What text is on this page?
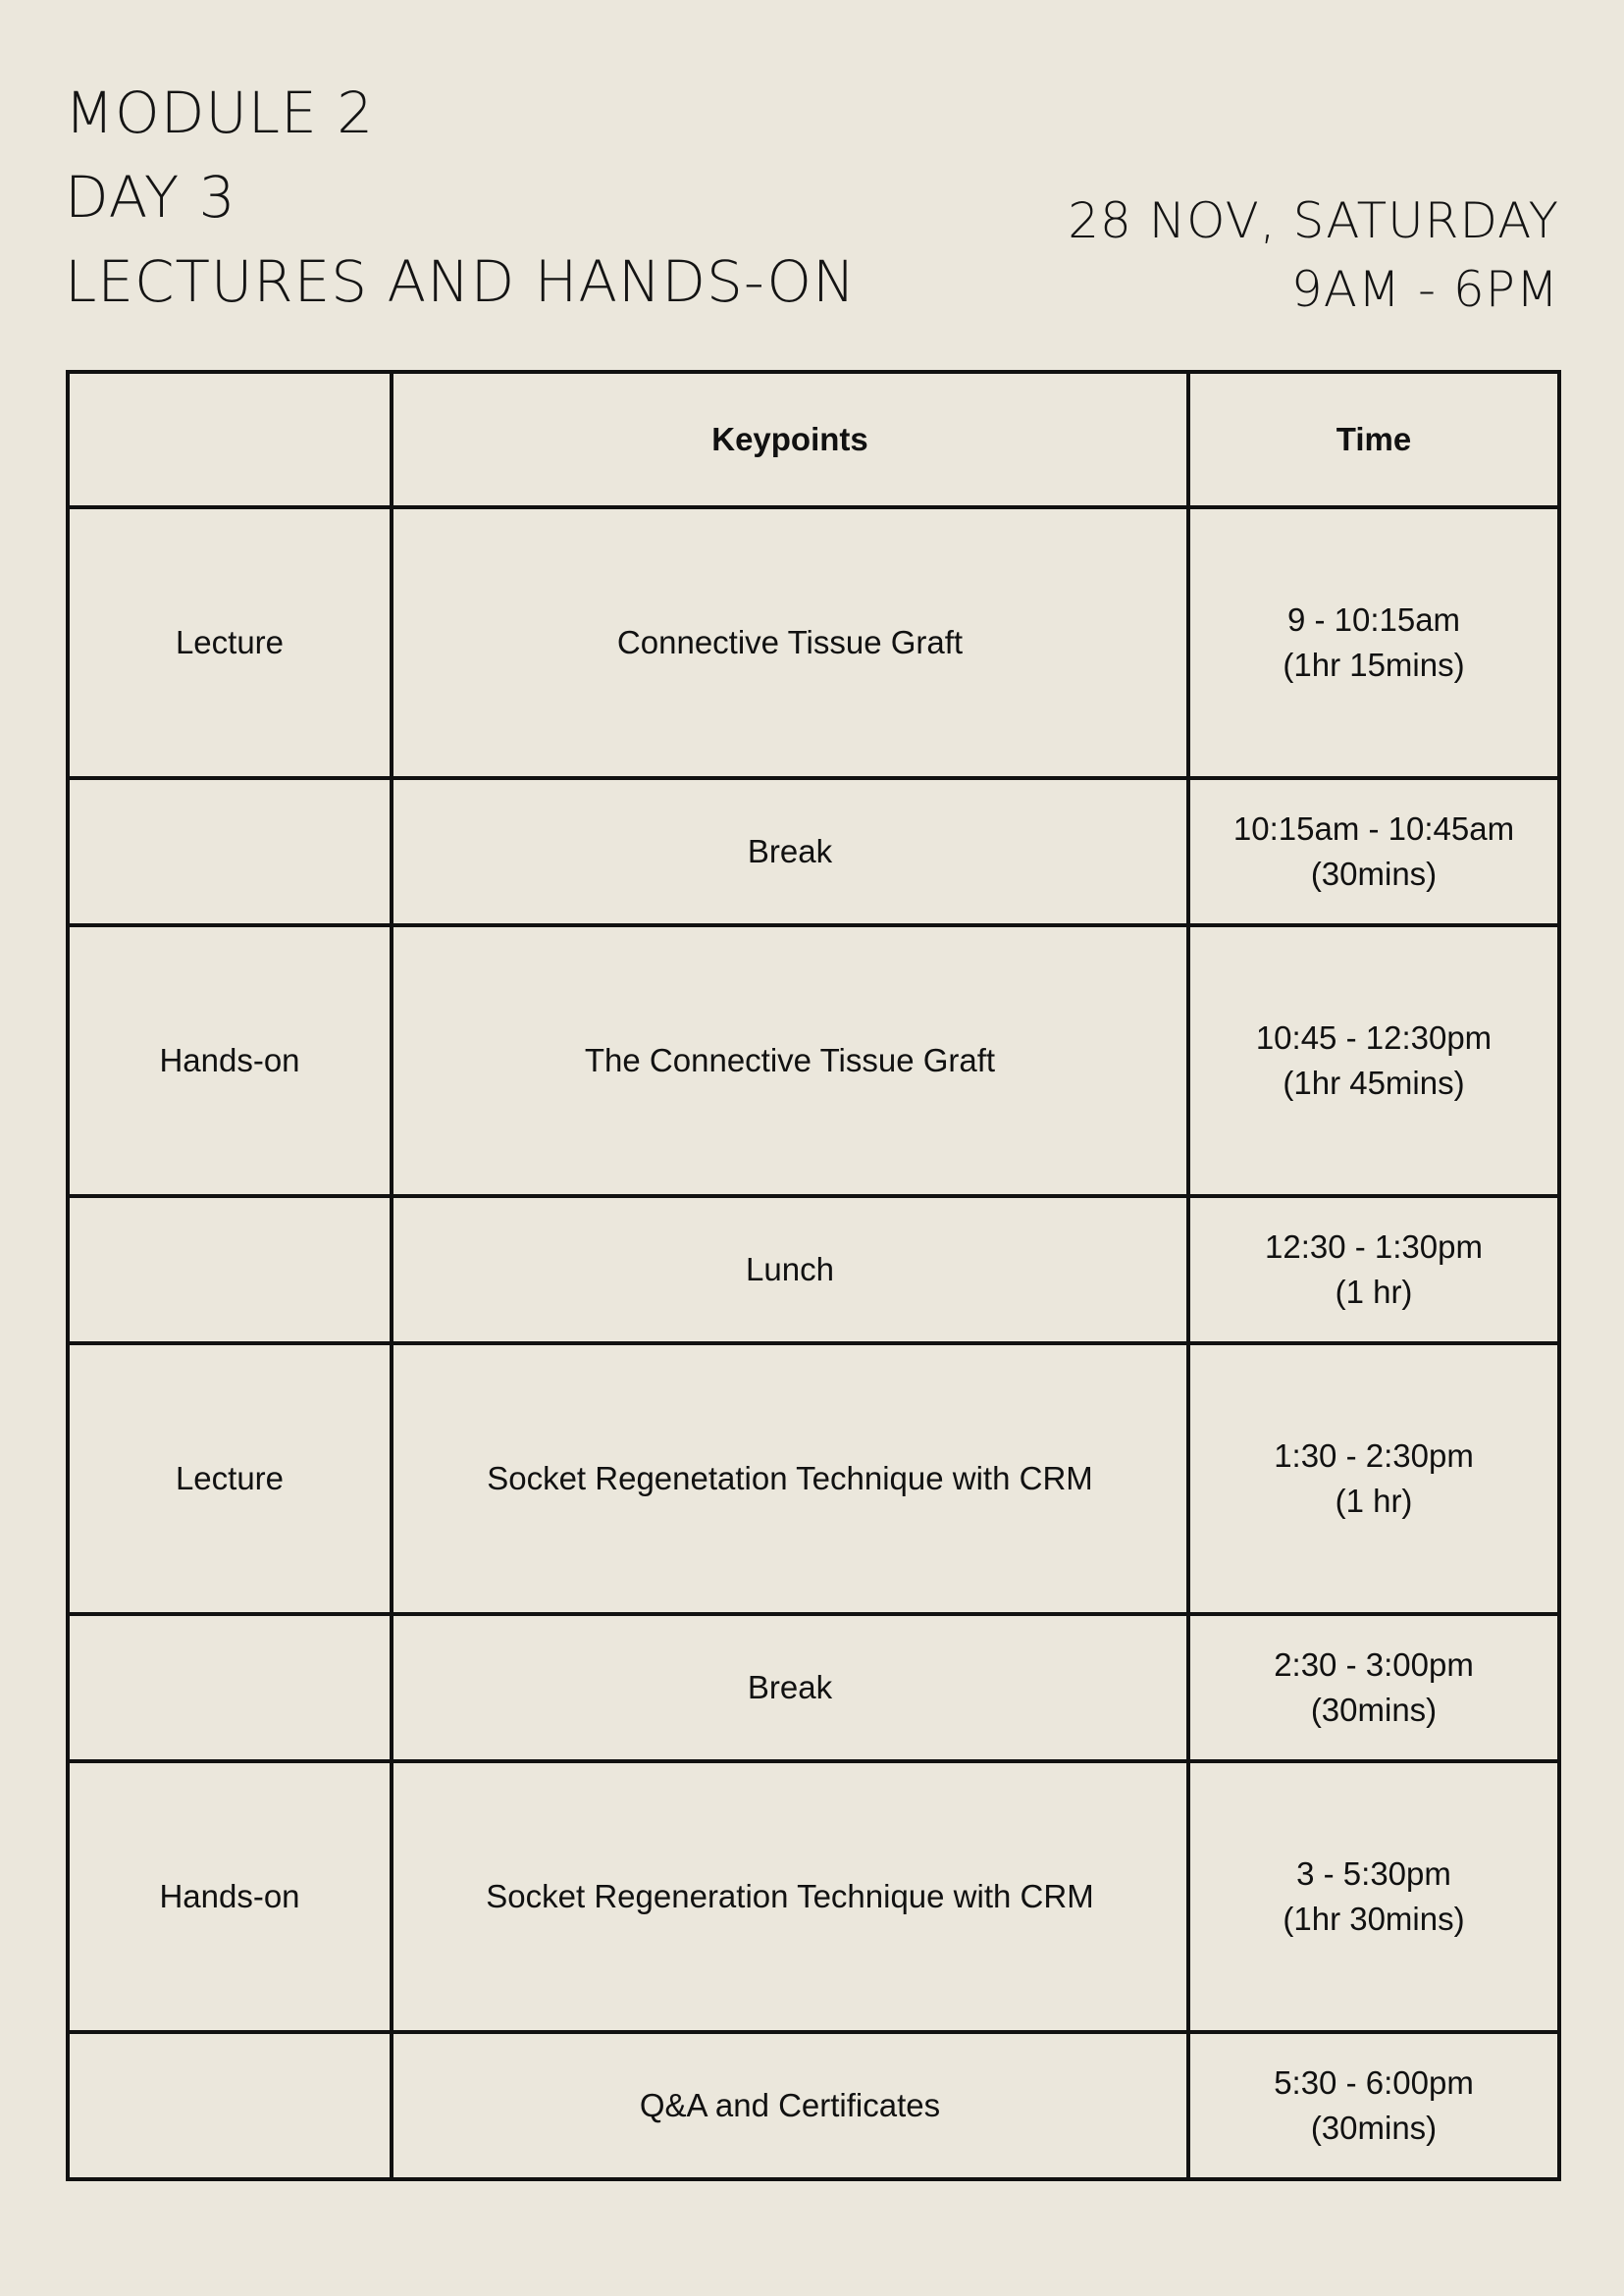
MODULE 2
DAY 3
LECTURES AND HANDS-ON
28 NOV, SATURDAY
9AM - 6PM
	Keypoints	Time
Lecture	Connective Tissue Graft	9 - 10:15am
(1hr 15mins)

	Break	10:15am - 10:45am
(30mins)

Hands-on	The Connective Tissue Graft	10:45 - 12:30pm
(1hr 45mins)

	Lunch	12:30 - 1:30pm
(1 hr)

Lecture	Socket Regenetation Technique with CRM	1:30 - 2:30pm
(1 hr)

	Break	2:30 - 3:00pm
(30mins)

Hands-on	Socket Regeneration Technique with CRM	3 - 5:30pm
(1hr 30mins)

	Q&A and Certificates	5:30 - 6:00pm
(30mins)
